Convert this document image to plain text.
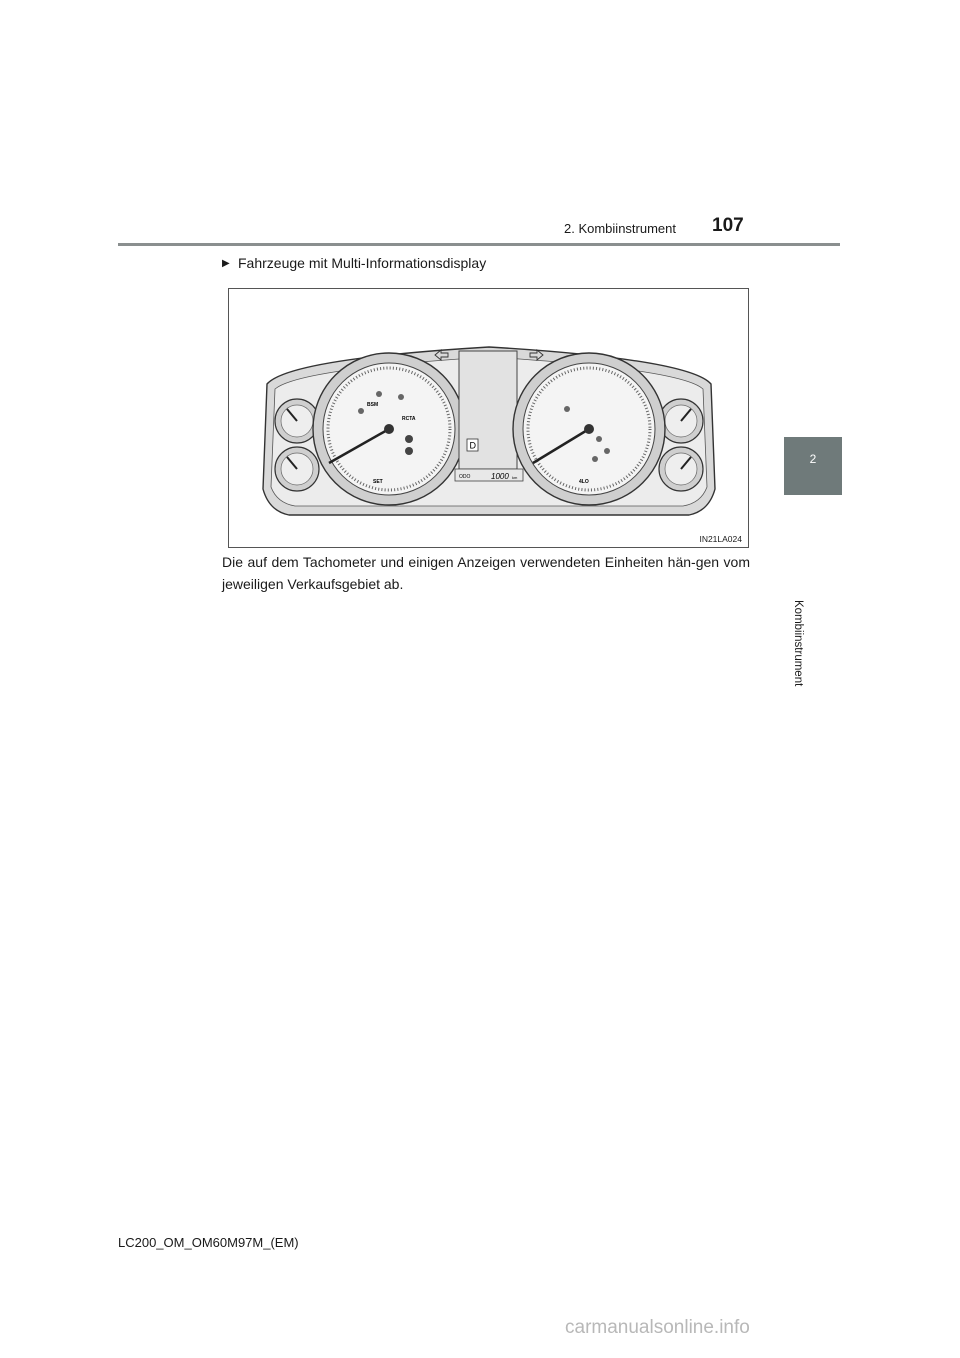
2. Kombiinstrument 107
2
Kombiinstrument
▶ Fahrzeuge mit Multi-Informationsdisplay
BSM
RCTA
SET
D
ODO	1000 km
4LO
IN21LA024
Die auf dem Tachometer und einigen Anzeigen verwendeten Einheiten hän-gen vom jeweiligen Verkaufsgebiet ab.
LC200_OM_OM60M97M_(EM)
carmanualsonline.info
